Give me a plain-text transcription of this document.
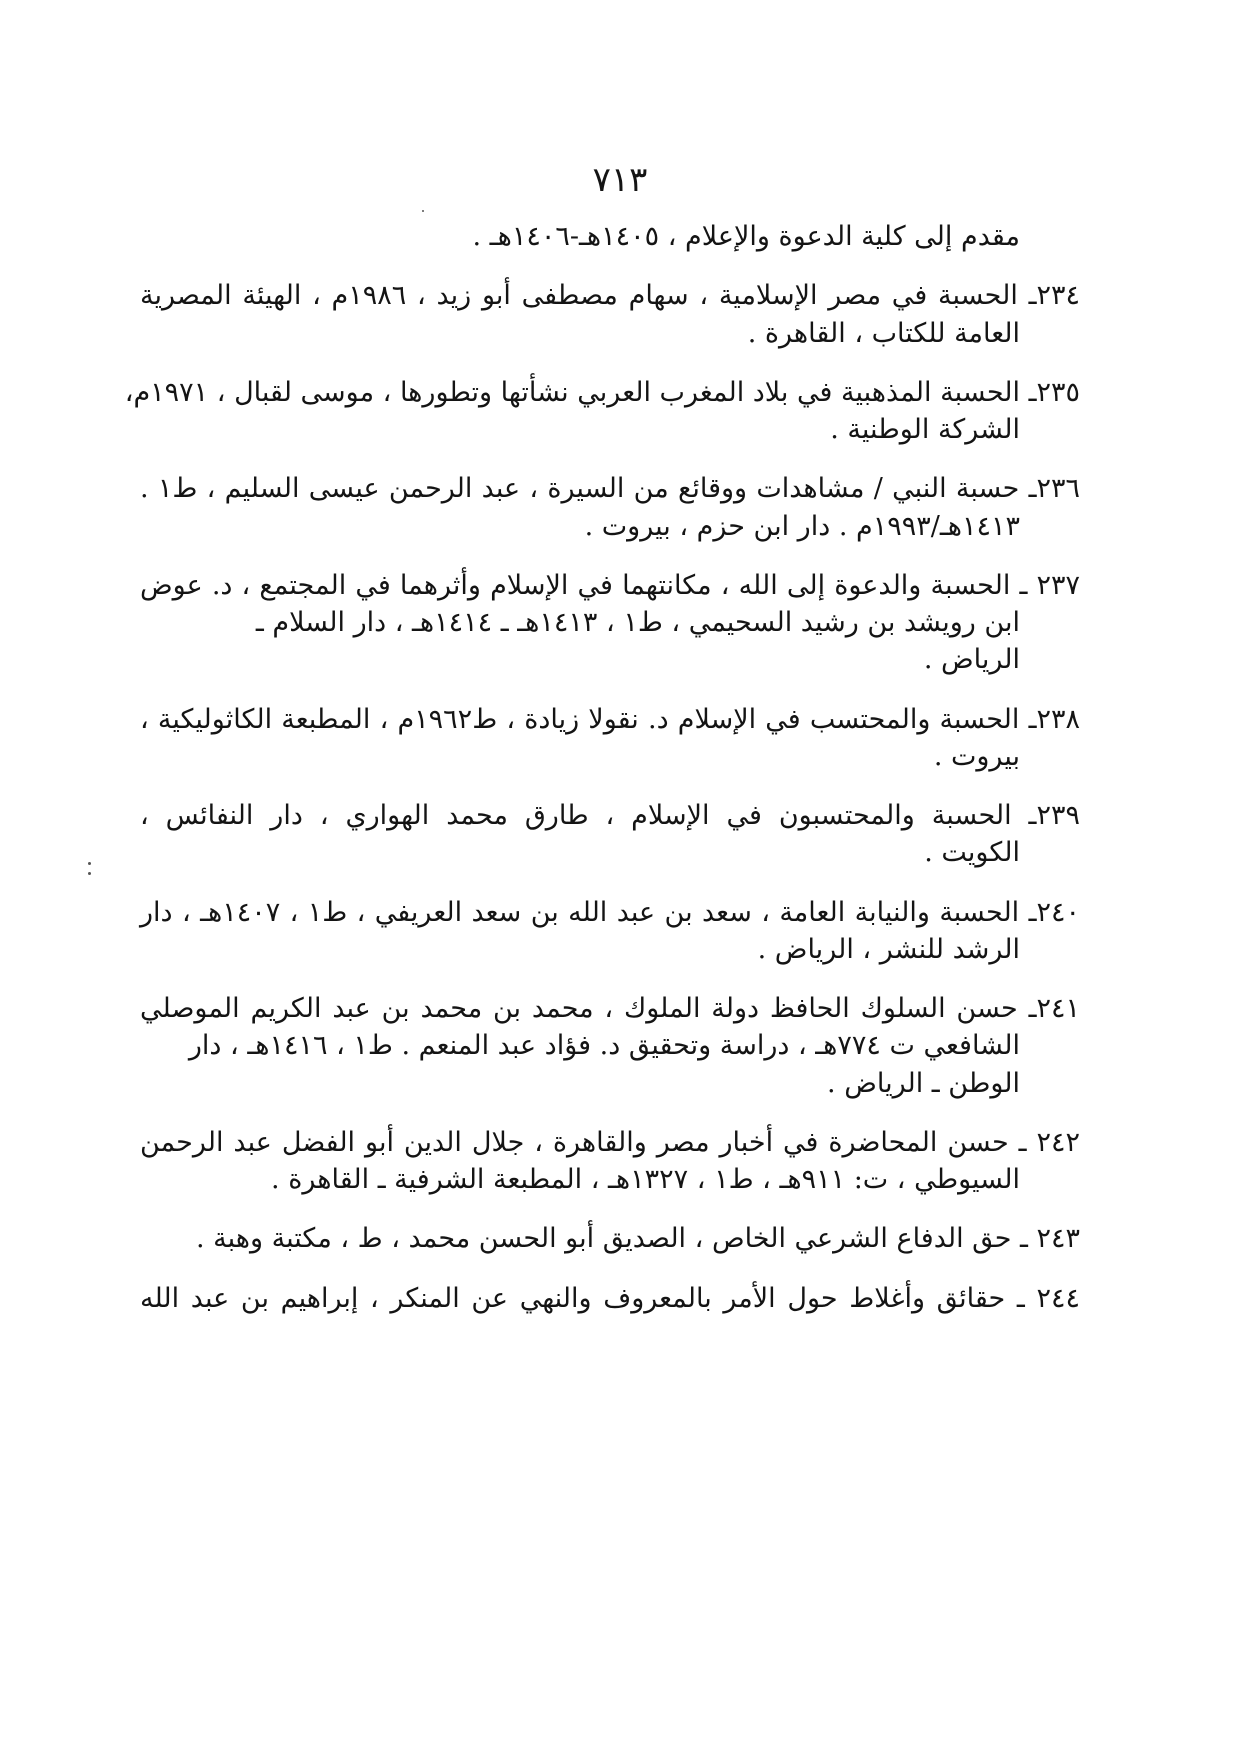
٧١٣
مقدم إلى كلية الدعوة والإعلام ، ١٤٠٥هـ-١٤٠٦هـ .
٢٣٤ـ الحسبة في مصر الإسلامية ، سهام مصطفى أبو زيد ، ١٩٨٦م ، الهيئة المصرية
العامة للكتاب ، القاهرة .
٢٣٥ـ الحسبة المذهبية في بلاد المغرب العربي نشأتها وتطورها ، موسى لقبال ، ١٩٧١م،
الشركة الوطنية .
٢٣٦ـ حسبة النبي / مشاهدات ووقائع من السيرة ، عبد الرحمن عيسى السليم ، ط١ .
١٤١٣هـ/١٩٩٣م . دار ابن حزم ، بيروت .
٢٣٧ ـ الحسبة والدعوة إلى الله ، مكانتهما في الإسلام وأثرهما في المجتمع ، د. عوض
ابن رويشد بن رشيد السحيمي ، ط١ ، ١٤١٣هـ ـ ١٤١٤هـ ، دار السلام ـ
الرياض .
٢٣٨ـ الحسبة والمحتسب في الإسلام د. نقولا زيادة ، ط١٩٦٢م ، المطبعة الكاثوليكية ،
بيروت .
٢٣٩ـ الحسبة والمحتسبون في الإسلام ، طارق محمد الهواري ، دار النفائس ،
الكويت .
٢٤٠ـ الحسبة والنيابة العامة ، سعد بن عبد الله بن سعد العريفي ، ط١ ، ١٤٠٧هـ ، دار
الرشد للنشر ، الرياض .
٢٤١ـ حسن السلوك الحافظ دولة الملوك ، محمد بن محمد بن عبد الكريم الموصلي
الشافعي ت ٧٧٤هـ ، دراسة وتحقيق د. فؤاد عبد المنعم . ط١ ، ١٤١٦هـ ، دار
الوطن ـ الرياض .
٢٤٢ ـ حسن المحاضرة في أخبار مصر والقاهرة ، جلال الدين أبو الفضل عبد الرحمن
السيوطي ، ت: ٩١١هـ ، ط١ ، ١٣٢٧هـ ، المطبعة الشرفية ـ القاهرة .
٢٤٣ ـ حق الدفاع الشرعي الخاص ، الصديق أبو الحسن محمد ، ط ، مكتبة وهبة .
٢٤٤ ـ حقائق وأغلاط حول الأمر بالمعروف والنهي عن المنكر ، إبراهيم بن عبد الله
